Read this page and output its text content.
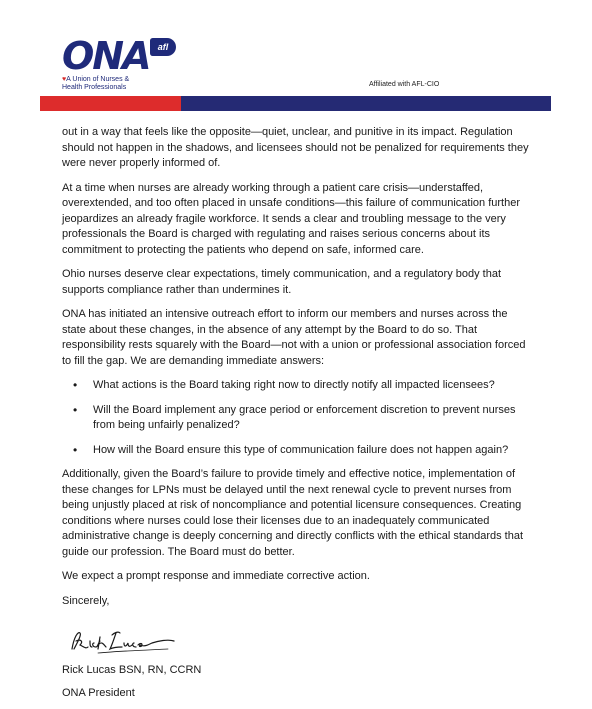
ONA afl
♥A Union of Nurses &
Health Professionals	Affiliated with AFL-CIO

out in a way that feels like the opposite—quiet, unclear, and punitive in its impact. Regulation should not happen in the shadows, and licensees should not be penalized for requirements they were never properly informed of.

At a time when nurses are already working through a patient care crisis—understaffed, overextended, and too often placed in unsafe conditions—this failure of communication further jeopardizes an already fragile workforce. It sends a clear and troubling message to the very professionals the Board is charged with regulating and raises serious concerns about its commitment to protecting the patients who depend on safe, informed care.

Ohio nurses deserve clear expectations, timely communication, and a regulatory body that supports compliance rather than undermines it.

ONA has initiated an intensive outreach effort to inform our members and nurses across the state about these changes, in the absence of any attempt by the Board to do so. That responsibility rests squarely with the Board—not with a union or professional association forced to fill the gap. We are demanding immediate answers:

• What actions is the Board taking right now to directly notify all impacted licensees?
• Will the Board implement any grace period or enforcement discretion to prevent nurses from being unfairly penalized?
• How will the Board ensure this type of communication failure does not happen again?

Additionally, given the Board’s failure to provide timely and effective notice, implementation of these changes for LPNs must be delayed until the next renewal cycle to prevent nurses from being unjustly placed at risk of noncompliance and potential licensure consequences. Creating conditions where nurses could lose their licenses due to an inadequately communicated administrative change is deeply concerning and directly conflicts with the ethical standards that guide our profession. The Board must do better.

We expect a prompt response and immediate corrective action.

Sincerely,

Rick Lucas BSN, RN, CCRN

ONA President
